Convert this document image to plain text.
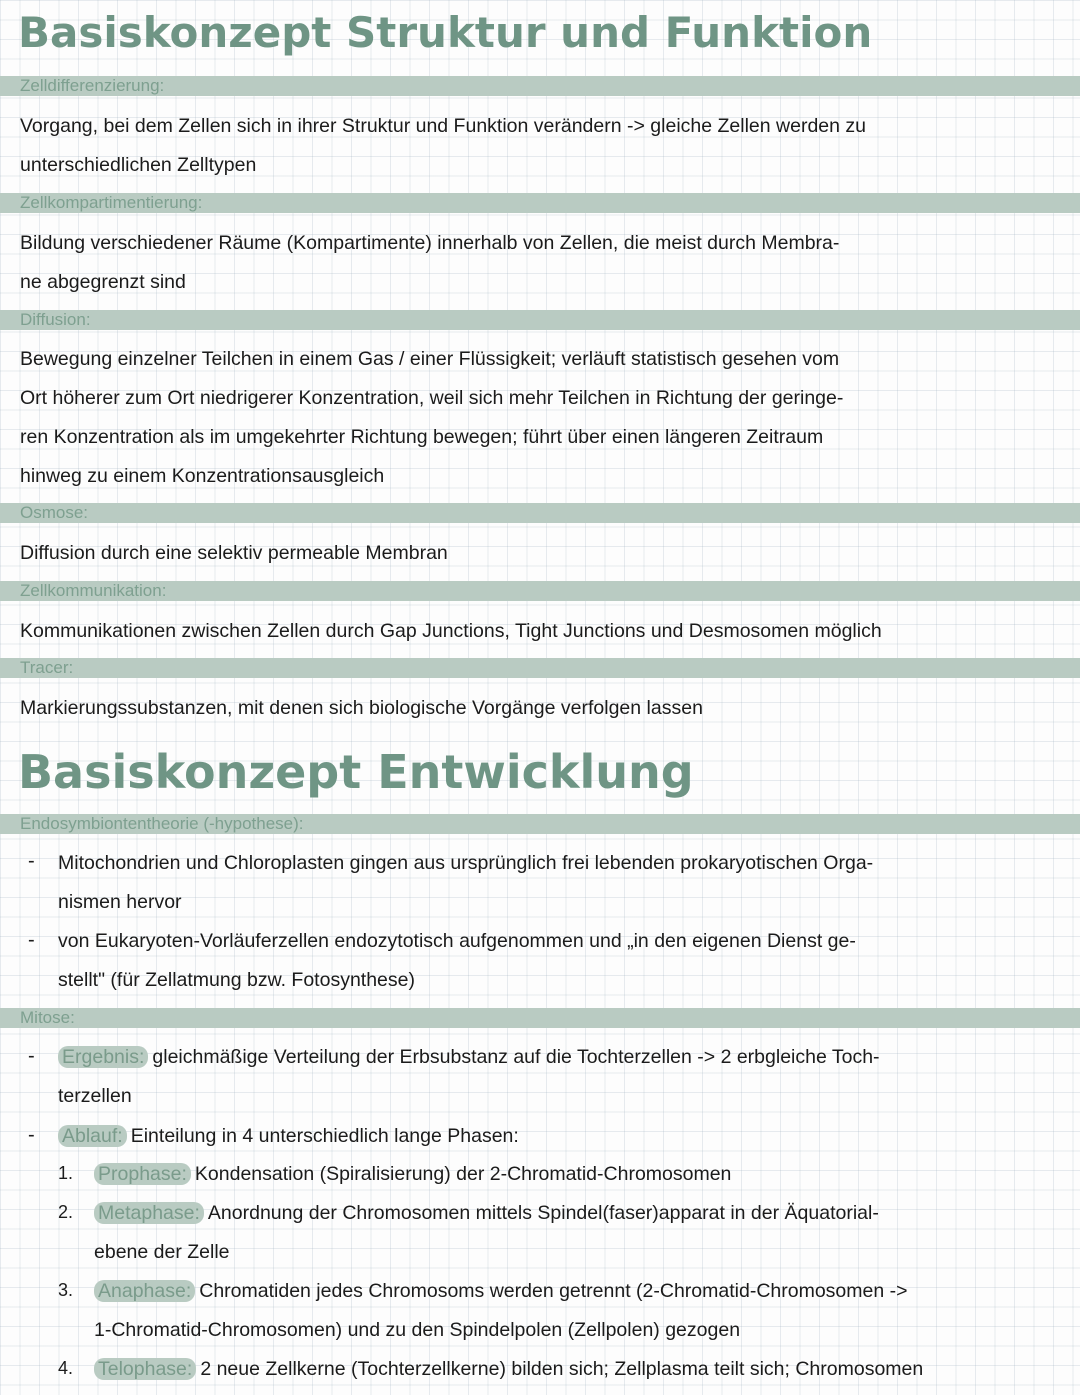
Basiskonzept Struktur und Funktion
Zelldifferenzierung:
Vorgang, bei dem Zellen sich in ihrer Struktur und Funktion verändern -> gleiche Zellen werden zu
unterschiedlichen Zelltypen
Zellkompartimentierung:
Bildung verschiedener Räume (Kompartimente) innerhalb von Zellen, die meist durch Membra-
ne abgegrenzt sind
Diffusion:
Bewegung einzelner Teilchen in einem Gas / einer Flüssigkeit; verläuft statistisch gesehen vom
Ort höherer zum Ort niedrigerer Konzentration, weil sich mehr Teilchen in Richtung der geringe-
ren Konzentration als im umgekehrter Richtung bewegen; führt über einen längeren Zeitraum
hinweg zu einem Konzentrationsausgleich
Osmose:
Diffusion durch eine selektiv permeable Membran
Zellkommunikation:
Kommunikationen zwischen Zellen durch Gap Junctions, Tight Junctions und Desmosomen möglich
Tracer:
Markierungssubstanzen, mit denen sich biologische Vorgänge verfolgen lassen
Basiskonzept Entwicklung
Endosymbiontentheorie (-hypothese):
- Mitochondrien und Chloroplasten gingen aus ursprünglich frei lebenden prokaryotischen Orga-
nismen hervor
- von Eukaryoten-Vorläuferzellen endozytotisch aufgenommen und „in den eigenen Dienst ge-
stellt" (für Zellatmung bzw. Fotosynthese)
Mitose:
- Ergebnis: gleichmäßige Verteilung der Erbsubstanz auf die Tochterzellen -> 2 erbgleiche Toch-
terzellen
- Ablauf: Einteilung in 4 unterschiedlich lange Phasen:
1. Prophase: Kondensation (Spiralisierung) der 2-Chromatid-Chromosomen
2. Metaphase: Anordnung der Chromosomen mittels Spindel(faser)apparat in der Äquatorial-
ebene der Zelle
3. Anaphase: Chromatiden jedes Chromosoms werden getrennt (2-Chromatid-Chromosomen ->
1-Chromatid-Chromosomen) und zu den Spindelpolen (Zellpolen) gezogen
4. Telophase: 2 neue Zellkerne (Tochterzellkerne) bilden sich; Zellplasma teilt sich; Chromosomen
